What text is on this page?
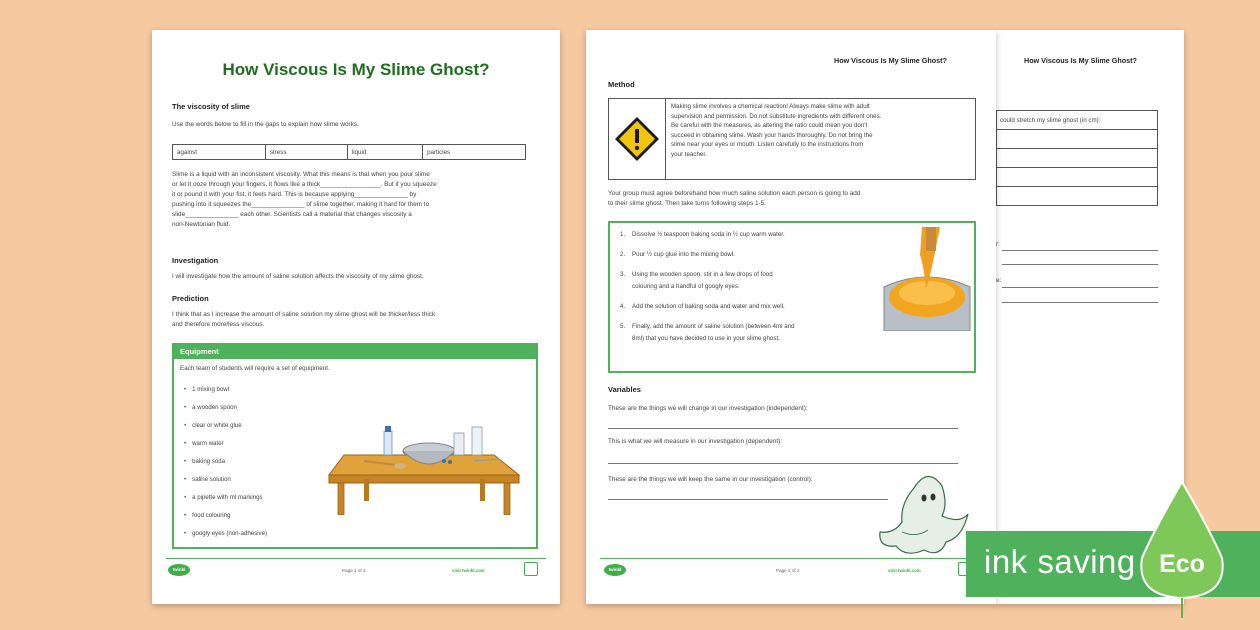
How Viscous Is My Slime Ghost?
The viscosity of slime
Use the words below to fill in the gaps to explain how slime works.
against	stress	liquid	particles
Slime is a liquid with an inconsistent viscosity. What this means is that when you pour slime
or let it ooze through your fingers, it flows like a thick_________________. But if you squeeze
it or pound it with your fist, it feels hard. This is because applying_______________ by
pushing into it squeezes the_______________ of slime together, making it hard for them to
slide_______________ each other. Scientists call a material that changes viscosity a
non-Newtonian fluid.
Investigation
I will investigate how the amount of saline solution affects the viscosity of my slime ghost.
Prediction
I think that as I increase the amount of saline solution my slime ghost will be thicker/less thick
and therefore more/less viscous.
Equipment
Each team of students will require a set of equipment.
• 1 mixing bowl
• a wooden spoon
• clear or white glue
• warm water
• baking soda
• saline solution
• a pipette with ml markings
• food colouring
• googly eyes (non-adhesive)
twinkl	Page 1 of 2	visit twinkl.com
How Viscous Is My Slime Ghost?
Method
Making slime involves a chemical reaction! Always make slime with adult
supervision and permission. Do not substitute ingredients with different ones.
Be careful with the measures, as altering the ratio could mean you don't
succeed in obtaining slime. Wash your hands thoroughly. Do not bring the
slime near your eyes or mouth. Listen carefully to the instructions from
your teacher.
Your group must agree beforehand how much saline solution each person is going to add
to their slime ghost. Then take turns following steps 1-5.
1. Dissolve ½ teaspoon baking soda in ½ cup warm water.
2. Pour ½ cup glue into the mixing bowl.
3. Using the wooden spoon, stir in a few drops of food
colouring and a handful of googly eyes.
4. Add the solution of baking soda and water and mix well.
5. Finally, add the amount of saline solution (between 4ml and
8ml) that you have decided to use in your slime ghost.
Variables
These are the things we will change in our investigation (independent):
This is what we will measure in our investigation (dependent):
These are the things we will keep the same in our investigation (control):
twinkl	Page 2 of 2	visit twinkl.com
How Viscous Is My Slime Ghost?
could stretch my slime ghost (in cm):

r:
e:
ink saving Eco
